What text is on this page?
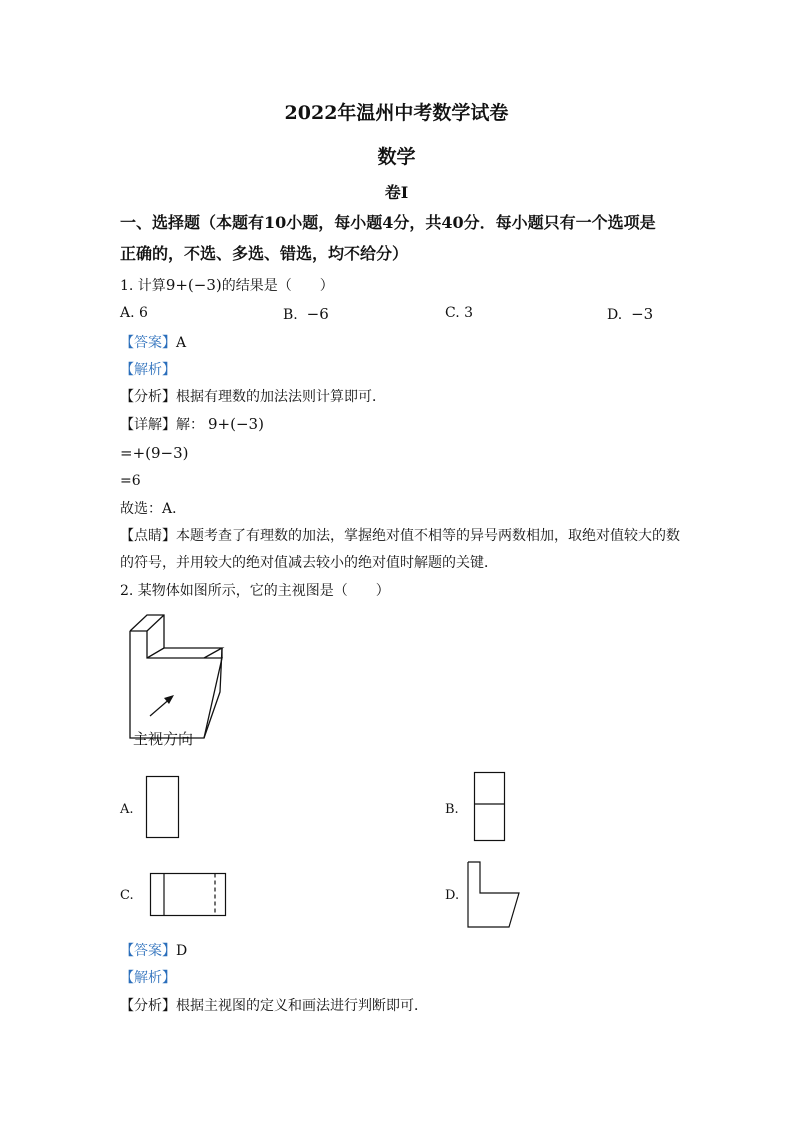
2022年温州中考数学试卷
数学
卷Ⅰ
一、选择题（本题有10小题，每小题4分，共40分．每小题只有一个选项是
正确的，不选、多选、错选，均不给分）
1. 计算9+(−3)的结果是（　　）
A. 6	B. −6	C. 3	D. −3
【答案】A
【解析】
【分析】根据有理数的加法法则计算即可．
【详解】解： 9+(−3)
=+(9−3)
=6
故选：A．
【点睛】本题考查了有理数的加法，掌握绝对值不相等的异号两数相加，取绝对值较大的数
的符号，并用较大的绝对值减去较小的绝对值时解题的关键．
2. 某物体如图所示，它的主视图是（　　）
主视方向
A.	B.
C.	D.
【答案】D
【解析】
【分析】根据主视图的定义和画法进行判断即可．
